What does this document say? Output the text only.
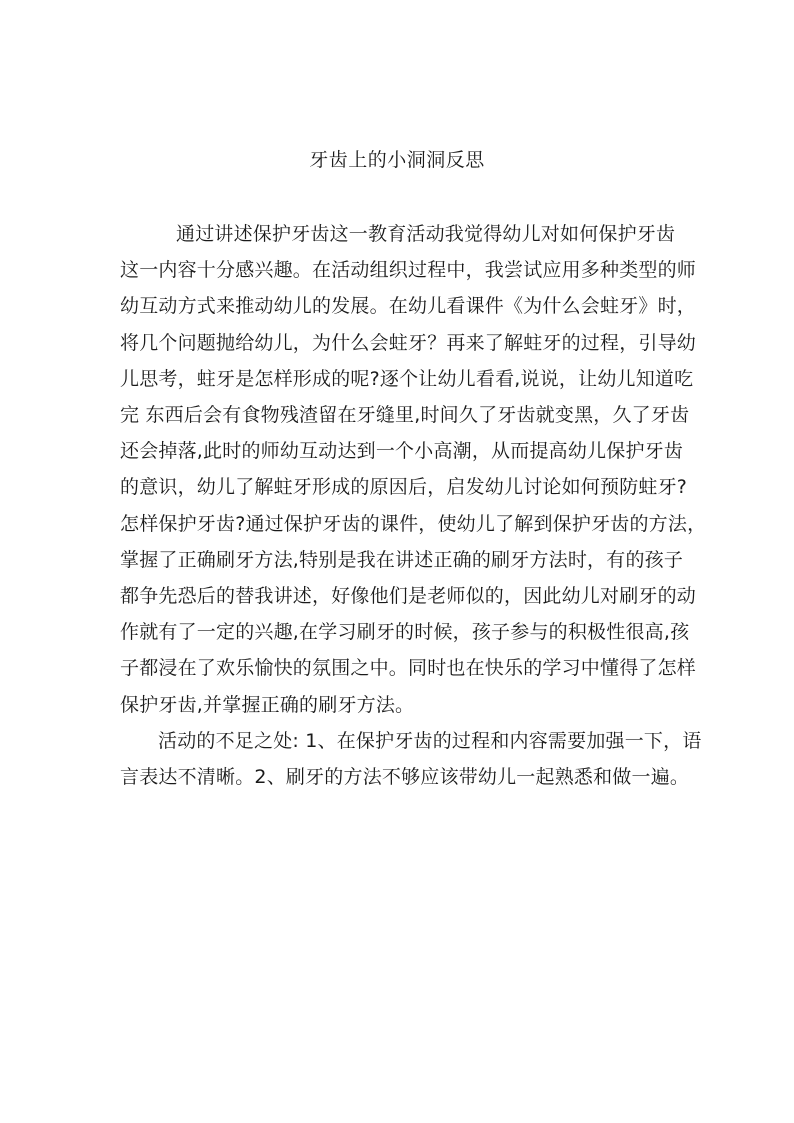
牙齿上的小洞洞反思
通过讲述保护牙齿这一教育活动我觉得幼儿对如何保护牙齿
这一内容十分感兴趣。在活动组织过程中，我尝试应用多种类型的师
幼互动方式来推动幼儿的发展。在幼儿看课件《为什么会蛀牙》时，
将几个问题抛给幼儿，为什么会蛀牙？再来了解蛀牙的过程，引导幼
儿思考，蛀牙是怎样形成的呢?逐个让幼儿看看,说说，让幼儿知道吃
完 东西后会有食物残渣留在牙缝里,时间久了牙齿就变黑，久了牙齿
还会掉落,此时的师幼互动达到一个小高潮，从而提高幼儿保护牙齿
的意识，幼儿了解蛀牙形成的原因后，启发幼儿讨论如何预防蛀牙?
怎样保护牙齿?通过保护牙齿的课件，使幼儿了解到保护牙齿的方法，
掌握了正确刷牙方法,特别是我在讲述正确的刷牙方法时，有的孩子
都争先恐后的替我讲述，好像他们是老师似的，因此幼儿对刷牙的动
作就有了一定的兴趣,在学习刷牙的时候，孩子参与的积极性很高,孩
子都浸在了欢乐愉快的氛围之中。同时也在快乐的学习中懂得了怎样
保护牙齿,并掌握正确的刷牙方法。
活动的不足之处: 1、在保护牙齿的过程和内容需要加强一下，语
言表达不清晰。2、刷牙的方法不够应该带幼儿一起熟悉和做一遍。
